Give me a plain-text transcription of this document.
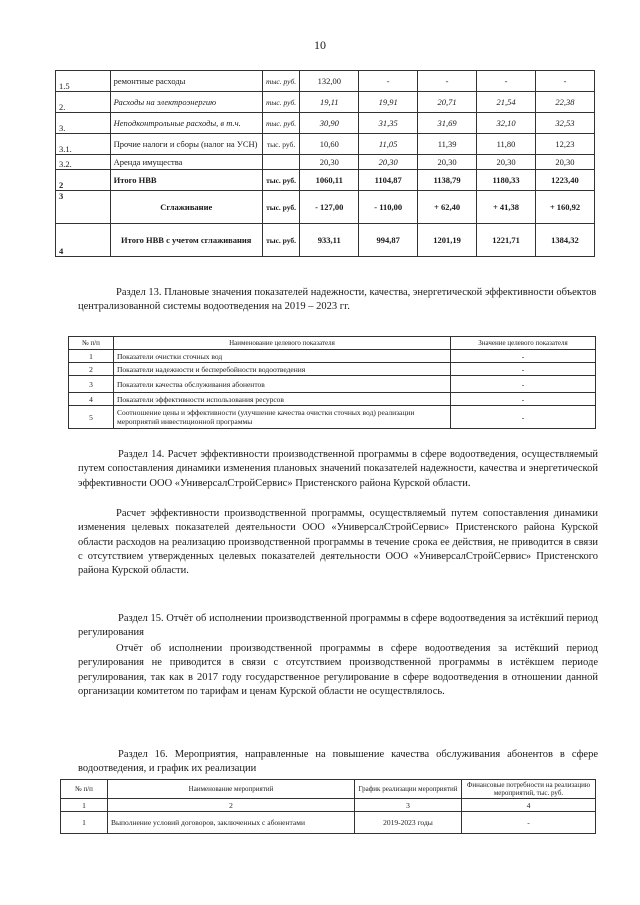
10
1.5	ремонтные расходы	тыс. руб.	132,00	-	-	-	-
2.	Расходы на электроэнергию	тыс. руб.	19,11	19,91	20,71	21,54	22,38
3.	Неподконтрольные расходы, в т.ч.	тыс. руб.	30,90	31,35	31,69	32,10	32,53
3.1.	Прочие налоги и сборы (налог на УСН)	тыс. руб.	10,60	11,05	11,39	11,80	12,23
3.2.	Аренда имущества		20,30	20,30	20,30	20,30	20,30
2	Итого НВВ	тыс. руб.	1060,11	1104,87	1138,79	1180,33	1223,40
3	Сглаживание	тыс. руб.	- 127,00	- 110,00	+ 62,40	+ 41,38	+ 160,92
4	Итого НВВ с учетом сглаживания	тыс. руб.	933,11	994,87	1201,19	1221,71	1384,32
Раздел 13. Плановые значения показателей надежности, качества, энергетической эффективности объектов централизованной системы водоотведения на 2019 – 2023 гг.
№ п/п	Наименование целевого показателя	Значение целевого показателя
1	Показатели очистки сточных вод	-
2	Показатели надежности и бесперебойности водоотведения	-
3	Показатели качества обслуживания абонентов	-
4	Показатели эффективности использования ресурсов	-
5	Соотношение цены и эффективности (улучшение качества очистки сточных вод) реализации мероприятий инвестиционной программы	-
Раздел 14. Расчет эффективности производственной программы в сфере водоотведения, осуществляемый путем сопоставления динамики изменения плановых значений показателей надежности, качества и энергетической эффективности ООО «УниверсалСтройСервис» Пристенского района Курской области.
Расчет эффективности производственной программы, осуществляемый путем сопоставления динамики изменения целевых показателей деятельности ООО «УниверсалСтройСервис» Пристенского района Курской области расходов на реализацию производственной программы в течение срока ее действия, не приводится в связи с отсутствием утвержденных целевых показателей деятельности ООО «УниверсалСтройСервис» Пристенского района Курской области.
Раздел 15. Отчёт об исполнении производственной программы в сфере водоотведения за истёкший период регулирования
Отчёт об исполнении производственной программы в сфере водоотведения за истёкший период регулирования не приводится в связи с отсутствием производственной программы в истёкшем периоде регулирования, так как в 2017 году государственное регулирование в сфере водоотведения в отношении данной организации комитетом по тарифам и ценам Курской области не осуществлялось.
Раздел 16. Мероприятия, направленные на повышение качества обслуживания абонентов в сфере водоотведения, и график их реализации
№ п/п	Наименование мероприятий	График реализации мероприятий	Финансовые потребности на реализацию мероприятий, тыс. руб.
1	2	3	4
1	Выполнение условий договоров, заключенных с абонентами	2019-2023 годы	-
